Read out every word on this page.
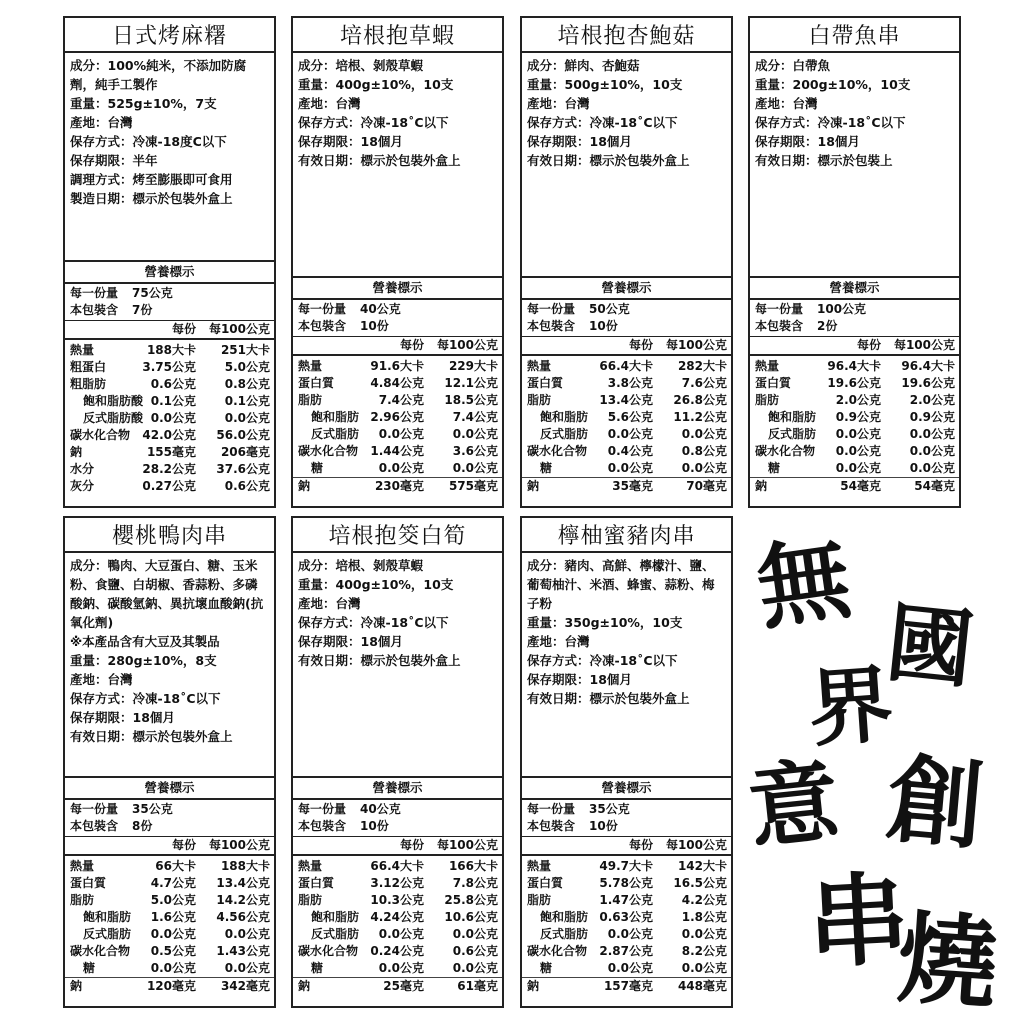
日式烤麻糬
成分：100%純米，不添加防腐劑，純手工製作
重量：525g±10%，7支
產地：台灣
保存方式：冷凍-18度C以下
保存期限：半年
調理方式：烤至膨脹即可食用
製造日期：標示於包裝外盒上
營養標示
每一份量 75公克
本包裝含 7份
每份 每100公克
熱量	188大卡 251大卡
粗蛋白	3.75公克 5.0公克
粗脂肪	0.6公克 0.8公克
飽和脂肪酸 0.1公克 0.1公克
反式脂肪酸 0.0公克 0.0公克
碳水化合物 42.0公克 56.0公克
鈉	155毫克 206毫克
水分	28.2公克 37.6公克
灰分	0.27公克 0.6公克
培根抱草蝦
成分：培根、剝殼草蝦
重量：400g±10%，10支
產地：台灣
保存方式：冷凍-18˚C以下
保存期限：18個月
有效日期：標示於包裝外盒上
營養標示
每一份量 40公克
本包裝含 10份
每份 每100公克
熱量	91.6大卡 229大卡
蛋白質	4.84公克 12.1公克
脂肪	7.4公克 18.5公克
飽和脂肪 2.96公克 7.4公克
反式脂肪 0.0公克 0.0公克
碳水化合物 1.44公克 3.6公克
糖	0.0公克 0.0公克
鈉	230毫克 575毫克
培根抱杏鮑菇
成分：鮮肉、杏鮑菇
重量：500g±10%，10支
產地：台灣
保存方式：冷凍-18˚C以下
保存期限：18個月
有效日期：標示於包裝外盒上
營養標示
每一份量 50公克
本包裝含 10份
每份 每100公克
熱量	66.4大卡 282大卡
蛋白質	3.8公克 7.6公克
脂肪	13.4公克 26.8公克
飽和脂肪 5.6公克 11.2公克
反式脂肪 0.0公克 0.0公克
碳水化合物 0.4公克 0.8公克
糖	0.0公克 0.0公克
鈉	35毫克	70毫克
白帶魚串
成分：白帶魚
重量：200g±10%，10支
產地：台灣
保存方式：冷凍-18˚C以下
保存期限：18個月
有效日期：標示於包裝上
營養標示
每一份量 100公克
本包裝含 2份
每份 每100公克
熱量	96.4大卡 96.4大卡
蛋白質	19.6公克 19.6公克
脂肪	2.0公克 2.0公克
飽和脂肪 0.9公克 0.9公克
反式脂肪 0.0公克 0.0公克
碳水化合物 0.0公克 0.0公克
糖	0.0公克 0.0公克
鈉	54毫克	54毫克
櫻桃鴨肉串
成分：鴨肉、大豆蛋白、糖、玉米粉、食鹽、白胡椒、香蒜粉、多磷酸鈉、碳酸氫鈉、異抗壞血酸鈉(抗氧化劑)
※本產品含有大豆及其製品
重量：280g±10%，8支
產地：台灣
保存方式：冷凍-18˚C以下
保存期限：18個月
有效日期：標示於包裝外盒上
營養標示
每一份量 35公克
本包裝含 8份
每份 每100公克
熱量	66大卡 188大卡
蛋白質	4.7公克 13.4公克
脂肪	5.0公克 14.2公克
飽和脂肪 1.6公克 4.56公克
反式脂肪 0.0公克 0.0公克
碳水化合物 0.5公克 1.43公克
糖	0.0公克 0.0公克
鈉	120毫克 342毫克
培根抱筊白筍
成分：培根、剝殼草蝦
重量：400g±10%，10支
產地：台灣
保存方式：冷凍-18˚C以下
保存期限：18個月
有效日期：標示於包裝外盒上
營養標示
每一份量 40公克
本包裝含 10份
每份 每100公克
熱量	66.4大卡 166大卡
蛋白質	3.12公克 7.8公克
脂肪	10.3公克 25.8公克
飽和脂肪 4.24公克 10.6公克
反式脂肪 0.0公克 0.0公克
碳水化合物 0.24公克 0.6公克
糖	0.0公克 0.0公克
鈉	25毫克	61毫克
檸柚蜜豬肉串
成分：豬肉、高鮮、檸檬汁、鹽、葡萄柚汁、米酒、蜂蜜、蒜粉、梅子粉
重量：350g±10%，10支
產地：台灣
保存方式：冷凍-18˚C以下
保存期限：18個月
有效日期：標示於包裝外盒上
營養標示
每一份量 35公克
本包裝含 10份
每份 每100公克
熱量	49.7大卡 142大卡
蛋白質	5.78公克 16.5公克
脂肪	1.47公克 4.2公克
飽和脂肪 0.63公克 1.8公克
反式脂肪 0.0公克 0.0公克
碳水化合物 2.87公克 8.2公克
糖	0.0公克 0.0公克
鈉	157毫克 448毫克
無
國
界
創
意
串
燒
